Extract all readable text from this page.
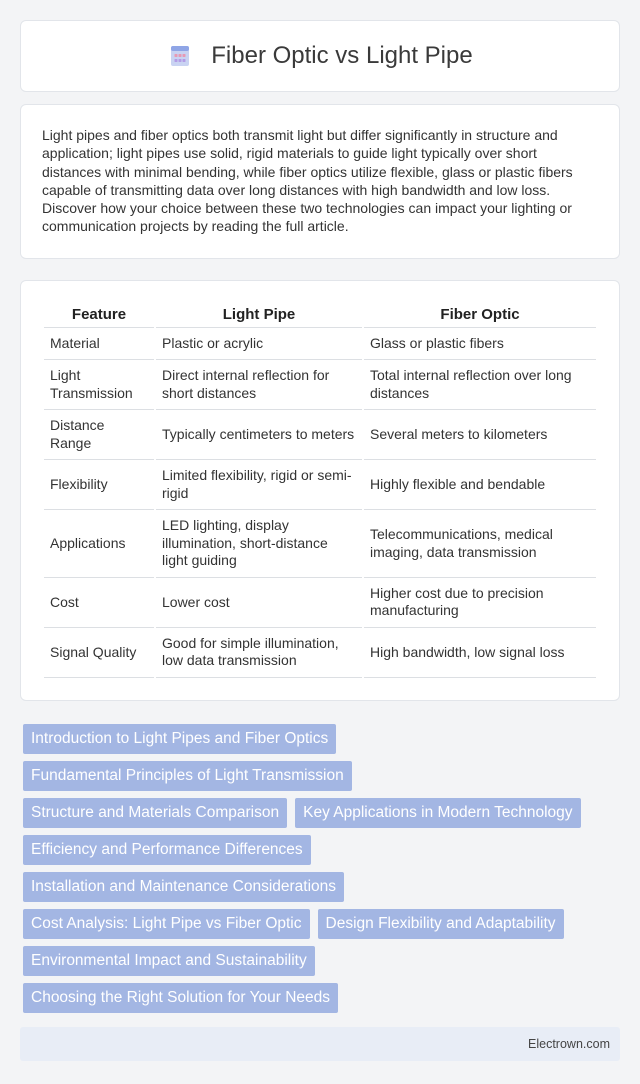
Fiber Optic vs Light Pipe

Light pipes and fiber optics both transmit light but differ significantly in structure and application; light pipes use solid, rigid materials to guide light typically over short distances with minimal bending, while fiber optics utilize flexible, glass or plastic fibers capable of transmitting data over long distances with high bandwidth and low loss. Discover how your choice between these two technologies can impact your lighting or communication projects by reading the full article.

Feature	Light Pipe	Fiber Optic
Material	Plastic or acrylic	Glass or plastic fibers
Light Transmission	Direct internal reflection for short distances	Total internal reflection over long distances
Distance Range	Typically centimeters to meters	Several meters to kilometers
Flexibility	Limited flexibility, rigid or semi-rigid	Highly flexible and bendable
Applications	LED lighting, display illumination, short-distance light guiding	Telecommunications, medical imaging, data transmission
Cost	Lower cost	Higher cost due to precision manufacturing
Signal Quality	Good for simple illumination, low data transmission	High bandwidth, low signal loss
Introduction to Light Pipes and Fiber Optics
Fundamental Principles of Light Transmission
Structure and Materials Comparison	Key Applications in Modern Technology
Efficiency and Performance Differences
Installation and Maintenance Considerations
Cost Analysis: Light Pipe vs Fiber Optic	Design Flexibility and Adaptability
Environmental Impact and Sustainability
Choosing the Right Solution for Your Needs
Electrown.com
